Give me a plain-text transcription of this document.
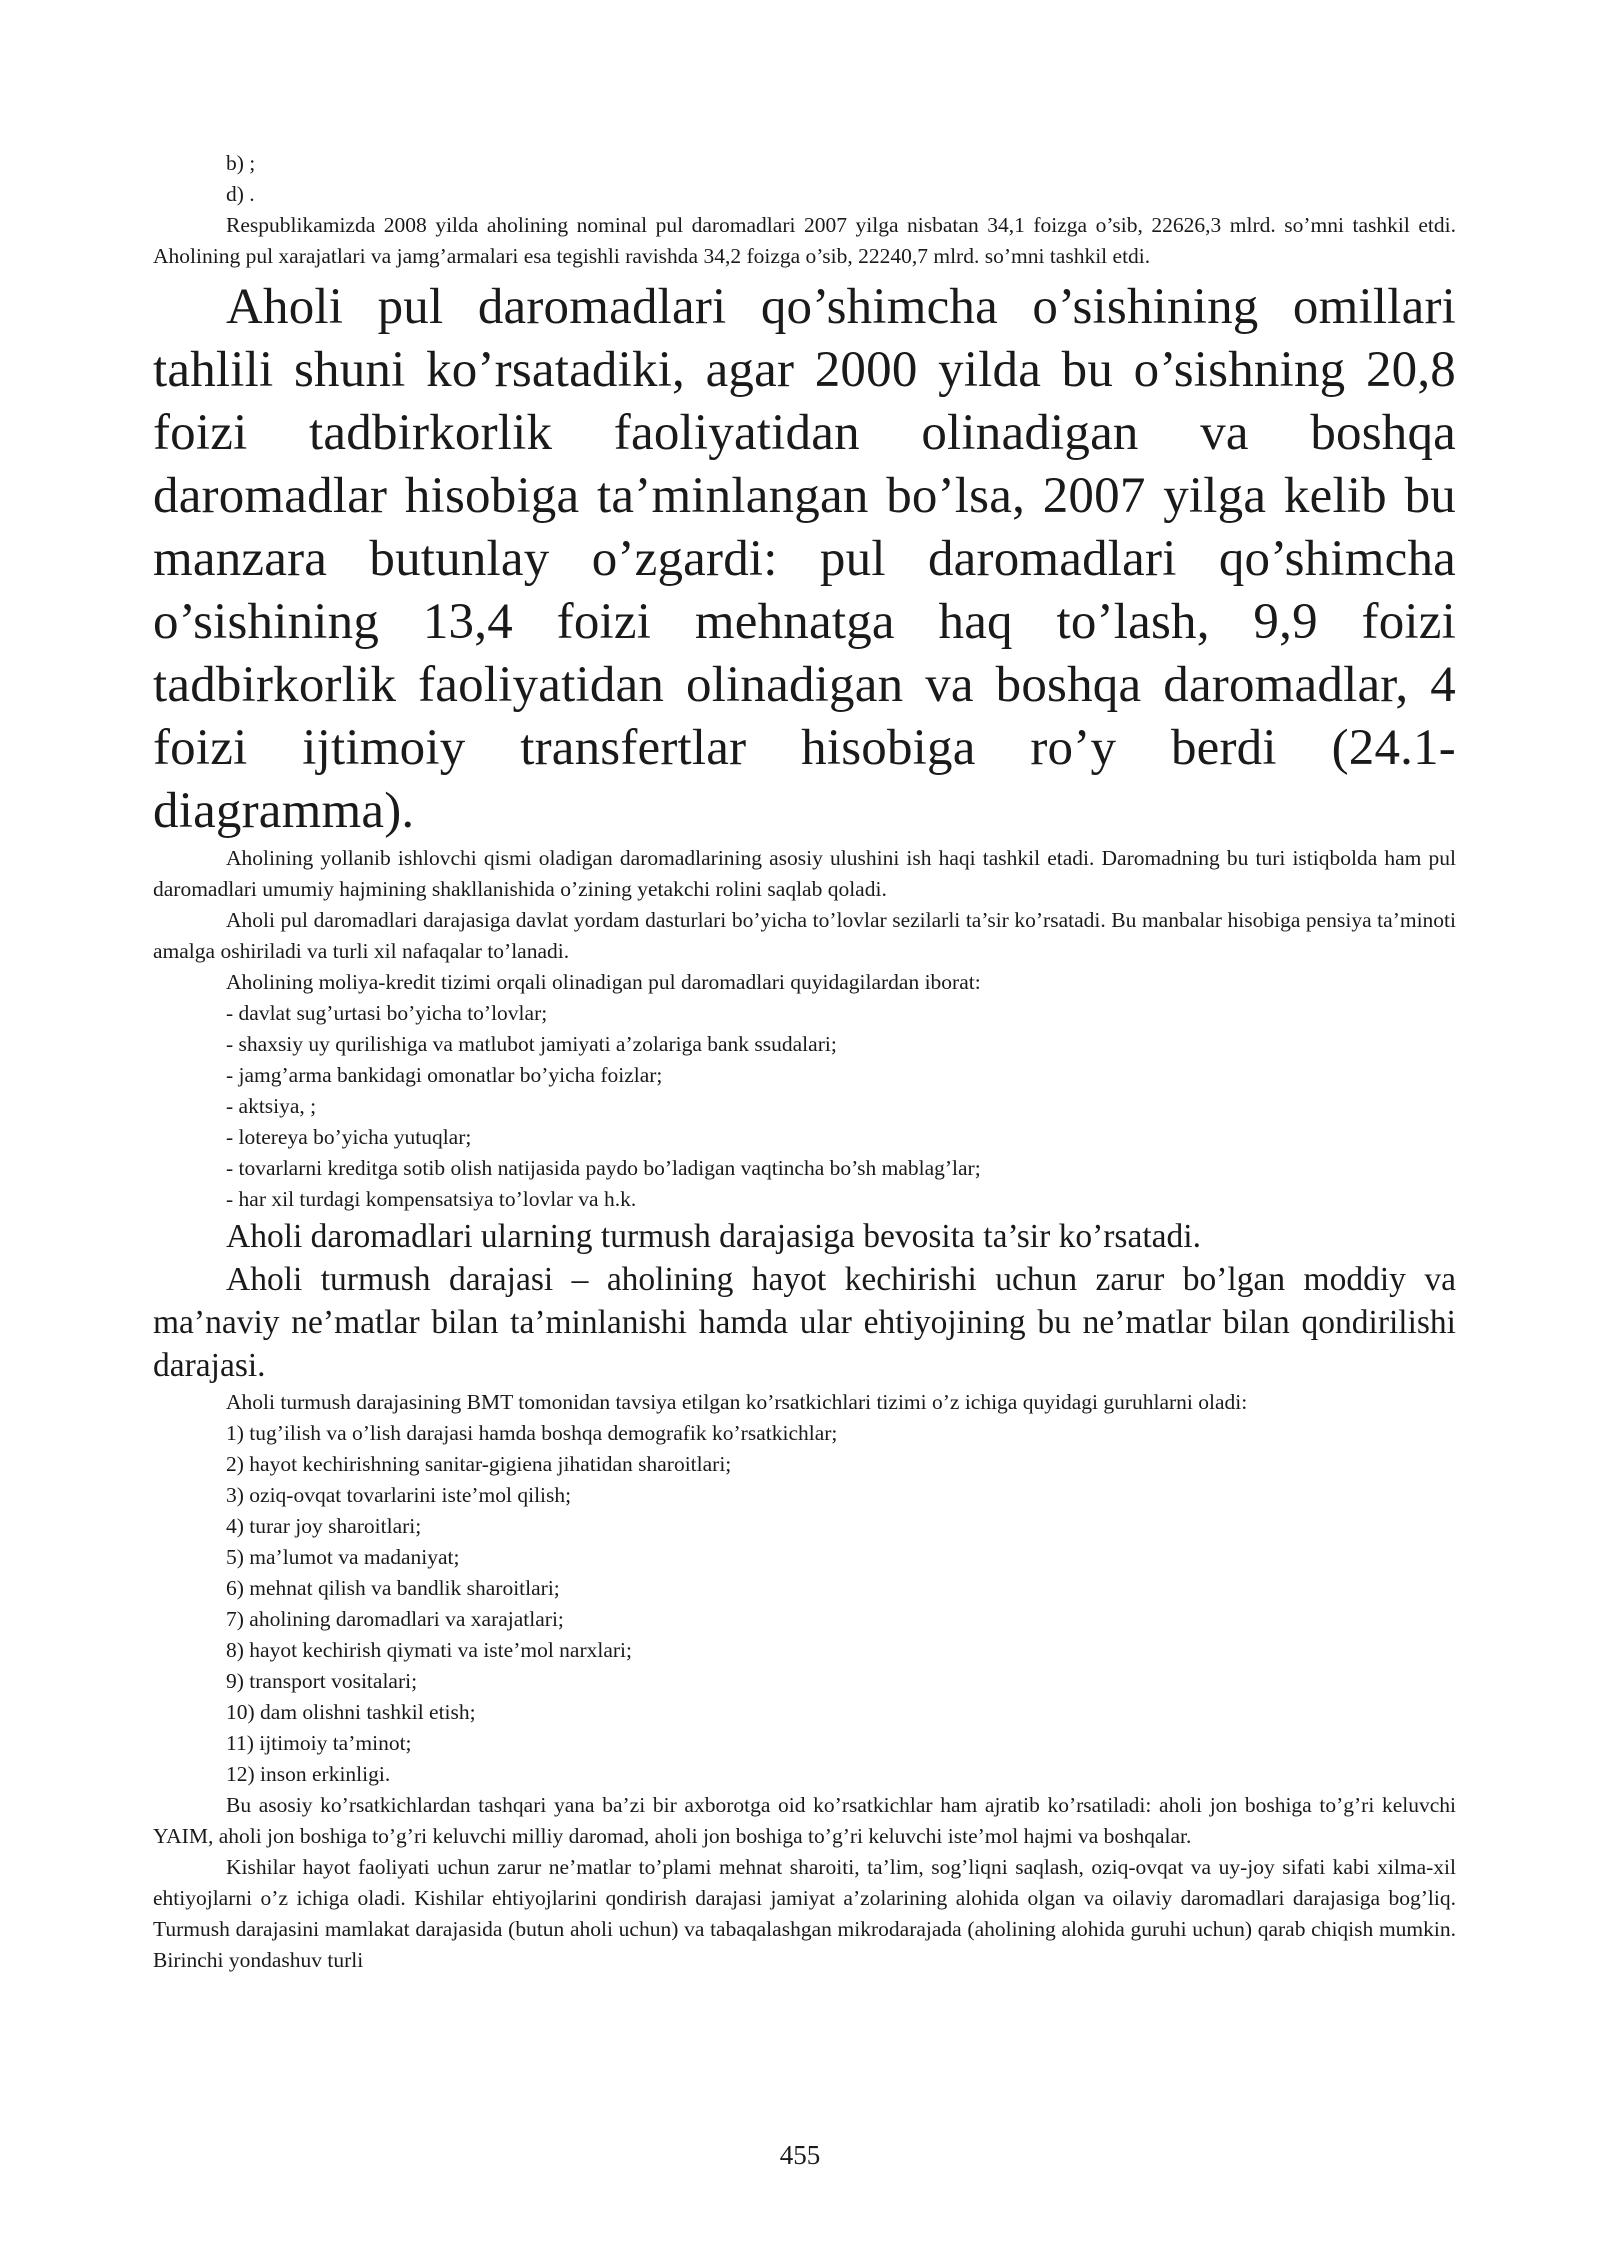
b) ;

d) .

Respublikamizda 2008 yilda aholining nominal pul daromadlari 2007 yilga nisbatan 34,1 foizga o’sib, 22626,3 mlrd. so’mni tashkil etdi. Aholining pul xarajatlari va jamg’armalari esa tegishli ravishda 34,2 foizga o’sib, 22240,7 mlrd. so’mni tashkil etdi.

Aholi pul daromadlari qo’shimcha o’sishining omillari tahlili shuni ko’rsatadiki, agar 2000 yilda bu o’sishning 20,8 foizi tadbirkorlik faoliyatidan olinadigan va boshqa daromadlar hisobiga ta’minlangan bo’lsa, 2007 yilga kelib bu manzara butunlay o’zgardi: pul daromadlari qo’shimcha o’sishining 13,4 foizi mehnatga haq to’lash, 9,9 foizi tadbirkorlik faoliyatidan olinadigan va boshqa daromadlar, 4 foizi ijtimoiy transfertlar hisobiga ro’y berdi (24.1-diagramma).

Aholining yollanib ishlovchi qismi oladigan daromadlarining asosiy ulushini ish haqi tashkil etadi. Daromadning bu turi istiqbolda ham pul daromadlari umumiy hajmining shakllanishida o’zining yetakchi rolini saqlab qoladi.

Aholi pul daromadlari darajasiga davlat yordam dasturlari bo’yicha to’lovlar sezilarli ta’sir ko’rsatadi. Bu manbalar hisobiga pensiya ta’minoti amalga oshiriladi va turli xil nafaqalar to’lanadi.

Aholining moliya-kredit tizimi orqali olinadigan pul daromadlari quyidagilardan iborat:

- davlat sug’urtasi bo’yicha to’lovlar;

- shaxsiy uy qurilishiga va matlubot jamiyati a’zolariga bank ssudalari;

- jamg’arma bankidagi omonatlar bo’yicha foizlar;

- aktsiya, ;

- lotereya bo’yicha yutuqlar;

- tovarlarni kreditga sotib olish natijasida paydo bo’ladigan vaqtincha bo’sh mablag’lar;

- har xil turdagi kompensatsiya to’lovlar va h.k.

Aholi daromadlari ularning turmush darajasiga bevosita ta’sir ko’rsatadi.

Aholi turmush darajasi – aholining hayot kechirishi uchun zarur bo’lgan moddiy va ma’naviy ne’matlar bilan ta’minlanishi hamda ular ehtiyojining bu ne’matlar bilan qondirilishi darajasi.

Aholi turmush darajasining BMT tomonidan tavsiya etilgan ko’rsatkichlari tizimi o’z ichiga quyidagi guruhlarni oladi:

1) tug’ilish va o’lish darajasi hamda boshqa demografik ko’rsatkichlar;

2) hayot kechirishning sanitar-gigiena jihatidan sharoitlari;

3) oziq-ovqat tovarlarini iste’mol qilish;

4) turar joy sharoitlari;

5) ma’lumot va madaniyat;

6) mehnat qilish va bandlik sharoitlari;

7) aholining daromadlari va xarajatlari;

8) hayot kechirish qiymati va iste’mol narxlari;

9) transport vositalari;

10) dam olishni tashkil etish;

11) ijtimoiy ta’minot;

12) inson erkinligi.

Bu asosiy ko’rsatkichlardan tashqari yana ba’zi bir axborotga oid ko’rsatkichlar ham ajratib ko’rsatiladi: aholi jon boshiga to’g’ri keluvchi YAIM, aholi jon boshiga to’g’ri keluvchi milliy daromad, aholi jon boshiga to’g’ri keluvchi iste’mol hajmi va boshqalar.

Kishilar hayot faoliyati uchun zarur ne’matlar to’plami mehnat sharoiti, ta’lim, sog’liqni saqlash, oziq-ovqat va uy-joy sifati kabi xilma-xil ehtiyojlarni o’z ichiga oladi. Kishilar ehtiyojlarini qondirish darajasi jamiyat a’zolarining alohida olgan va oilaviy daromadlari darajasiga bog’liq. Turmush darajasini mamlakat darajasida (butun aholi uchun) va tabaqalashgan mikrodarajada (aholining alohida guruhi uchun) qarab chiqish mumkin. Birinchi yondashuv turli

455
